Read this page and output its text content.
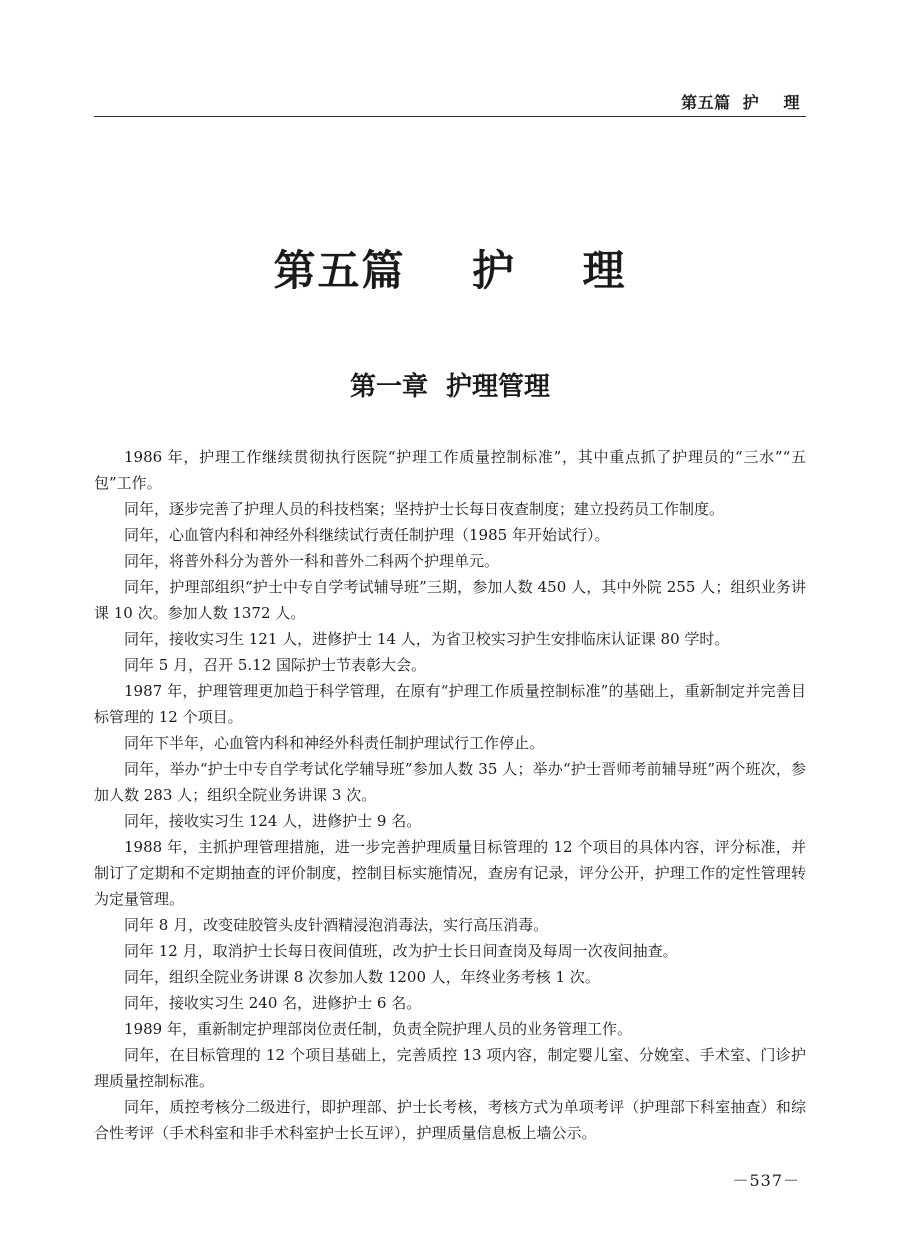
第五篇  护    理
第五篇    护    理
第一章  护理管理

1986 年，护理工作继续贯彻执行医院“护理工作质量控制标准”，其中重点抓了护理员的“三水”“五包”工作。

同年，逐步完善了护理人员的科技档案；坚持护士长每日夜查制度；建立投药员工作制度。

同年，心血管内科和神经外科继续试行责任制护理（1985 年开始试行）。

同年，将普外科分为普外一科和普外二科两个护理单元。

同年，护理部组织“护士中专自学考试辅导班”三期，参加人数 450 人，其中外院 255 人；组织业务讲课 10 次。参加人数 1372 人。

同年，接收实习生 121 人，进修护士 14 人，为省卫校实习护生安排临床认证课 80 学时。

同年 5 月，召开 5.12 国际护士节表彰大会。

1987 年，护理管理更加趋于科学管理，在原有“护理工作质量控制标准”的基础上，重新制定并完善目标管理的 12 个项目。

同年下半年，心血管内科和神经外科责任制护理试行工作停止。

同年，举办“护士中专自学考试化学辅导班”参加人数 35 人；举办“护士晋师考前辅导班”两个班次，参加人数 283 人；组织全院业务讲课 3 次。

同年，接收实习生 124 人，进修护士 9 名。

1988 年，主抓护理管理措施，进一步完善护理质量目标管理的 12 个项目的具体内容，评分标准，并制订了定期和不定期抽查的评价制度，控制目标实施情况，查房有记录，评分公开，护理工作的定性管理转为定量管理。

同年 8 月，改变硅胶管头皮针酒精浸泡消毒法，实行高压消毒。

同年 12 月，取消护士长每日夜间值班，改为护士长日间查岗及每周一次夜间抽查。

同年，组织全院业务讲课 8 次参加人数 1200 人，年终业务考核 1 次。

同年，接收实习生 240 名，进修护士 6 名。

1989 年，重新制定护理部岗位责任制，负责全院护理人员的业务管理工作。

同年，在目标管理的 12 个项目基础上，完善质控 13 项内容，制定婴儿室、分娩室、手术室、门诊护理质量控制标准。

同年，质控考核分二级进行，即护理部、护士长考核，考核方式为单项考评（护理部下科室抽查）和综合性考评（手术科室和非手术科室护士长互评），护理质量信息板上墙公示。

－537－
